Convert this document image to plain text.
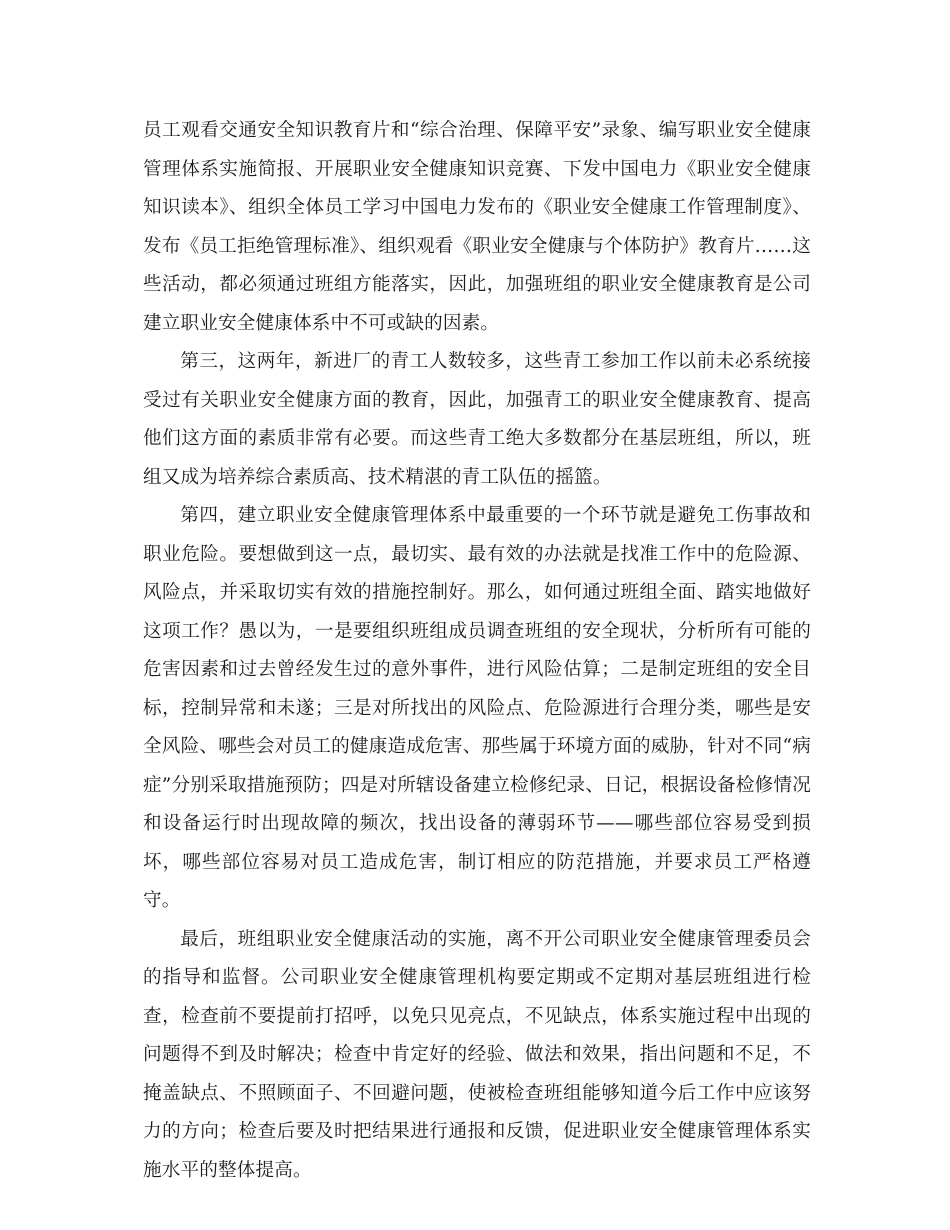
员工观看交通安全知识教育片和“综合治理、保障平安”录象、编写职业安全健康管理体系实施简报、开展职业安全健康知识竞赛、下发中国电力《职业安全健康知识读本》、组织全体员工学习中国电力发布的《职业安全健康工作管理制度》、发布《员工拒绝管理标准》、组织观看《职业安全健康与个体防护》教育片……这些活动，都必须通过班组方能落实，因此，加强班组的职业安全健康教育是公司建立职业安全健康体系中不可或缺的因素。

第三，这两年，新进厂的青工人数较多，这些青工参加工作以前未必系统接受过有关职业安全健康方面的教育，因此，加强青工的职业安全健康教育、提高他们这方面的素质非常有必要。而这些青工绝大多数都分在基层班组，所以，班组又成为培养综合素质高、技术精湛的青工队伍的摇篮。

第四，建立职业安全健康管理体系中最重要的一个环节就是避免工伤事故和职业危险。要想做到这一点，最切实、最有效的办法就是找准工作中的危险源、风险点，并采取切实有效的措施控制好。那么，如何通过班组全面、踏实地做好这项工作？愚以为，一是要组织班组成员调查班组的安全现状，分析所有可能的危害因素和过去曾经发生过的意外事件，进行风险估算；二是制定班组的安全目标，控制异常和未遂；三是对所找出的风险点、危险源进行合理分类，哪些是安全风险、哪些会对员工的健康造成危害、那些属于环境方面的威胁，针对不同“病症”分别采取措施预防；四是对所辖设备建立检修纪录、日记，根据设备检修情况和设备运行时出现故障的频次，找出设备的薄弱环节——哪些部位容易受到损坏，哪些部位容易对员工造成危害，制订相应的防范措施，并要求员工严格遵守。

最后，班组职业安全健康活动的实施，离不开公司职业安全健康管理委员会的指导和监督。公司职业安全健康管理机构要定期或不定期对基层班组进行检查，检查前不要提前打招呼，以免只见亮点，不见缺点，体系实施过程中出现的问题得不到及时解决；检查中肯定好的经验、做法和效果，指出问题和不足，不掩盖缺点、不照顾面子、不回避问题，使被检查班组能够知道今后工作中应该努力的方向；检查后要及时把结果进行通报和反馈，促进职业安全健康管理体系实施水平的整体提高。
